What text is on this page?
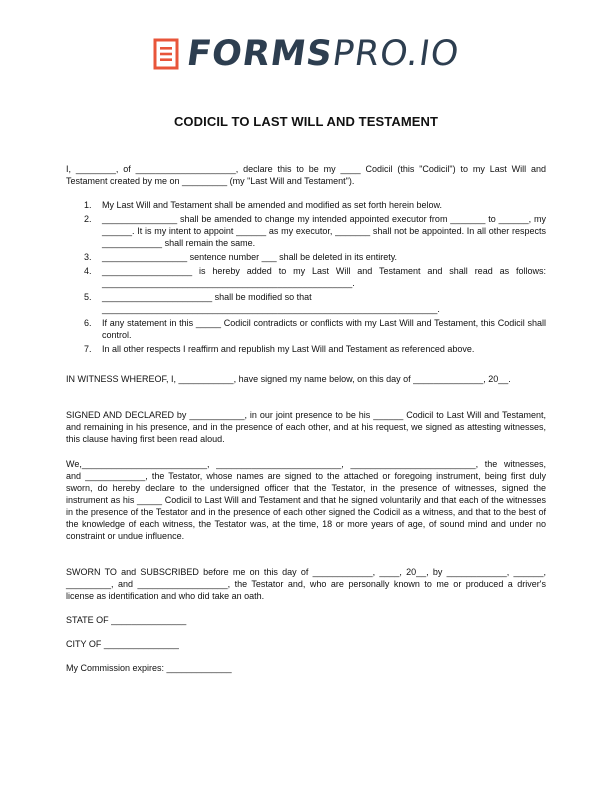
FORMSPRO.IO
CODICIL TO LAST WILL AND TESTAMENT

I, ________, of ____________________, declare this to be my ____ Codicil (this "Codicil") to my Last Will and Testament created by me on _________ (my "Last Will and Testament").

1. My Last Will and Testament shall be amended and modified as set forth herein below.
2. _______________ shall be amended to change my intended appointed executor from _______ to ______, my ______. It is my intent to appoint ______ as my executor, _______ shall not be appointed. In all other respects ____________ shall remain the same.
3. _________________ sentence number ___ shall be deleted in its entirety.
4. __________________ is hereby added to my Last Will and Testament and shall read as follows: __________________________________________________.
5. ______________________ shall be modified so that ___________________________________________________________________.
6. If any statement in this _____ Codicil contradicts or conflicts with my Last Will and Testament, this Codicil shall control.
7. In all other respects I reaffirm and republish my Last Will and Testament as referenced above.

IN WITNESS WHEREOF, I, ___________, have signed my name below, on this day of ______________, 20__.

SIGNED AND DECLARED by ___________, in our joint presence to be his ______ Codicil to Last Will and Testament, and remaining in his presence, and in the presence of each other, and at his request, we signed as attesting witnesses, this clause having first been read aloud.

We,_________________________, _________________________, _________________________, the witnesses, and ____________, the Testator, whose names are signed to the attached or foregoing instrument, being first duly sworn, do hereby declare to the undersigned officer that the Testator, in the presence of witnesses, signed the instrument as his _____ Codicil to Last Will and Testament and that he signed voluntarily and that each of the witnesses in the presence of the Testator and in the presence of each other signed the Codicil as a witness, and that to the best of the knowledge of each witness, the Testator was, at the time, 18 or more years of age, of sound mind and under no constraint or undue influence.

SWORN TO and SUBSCRIBED before me on this day of ____________, ____, 20__, by ____________, ______, _________, and __________________, the Testator and, who are personally known to me or produced a driver's license as identification and who did take an oath.

STATE OF _______________

CITY OF _______________

My Commission expires: _____________
